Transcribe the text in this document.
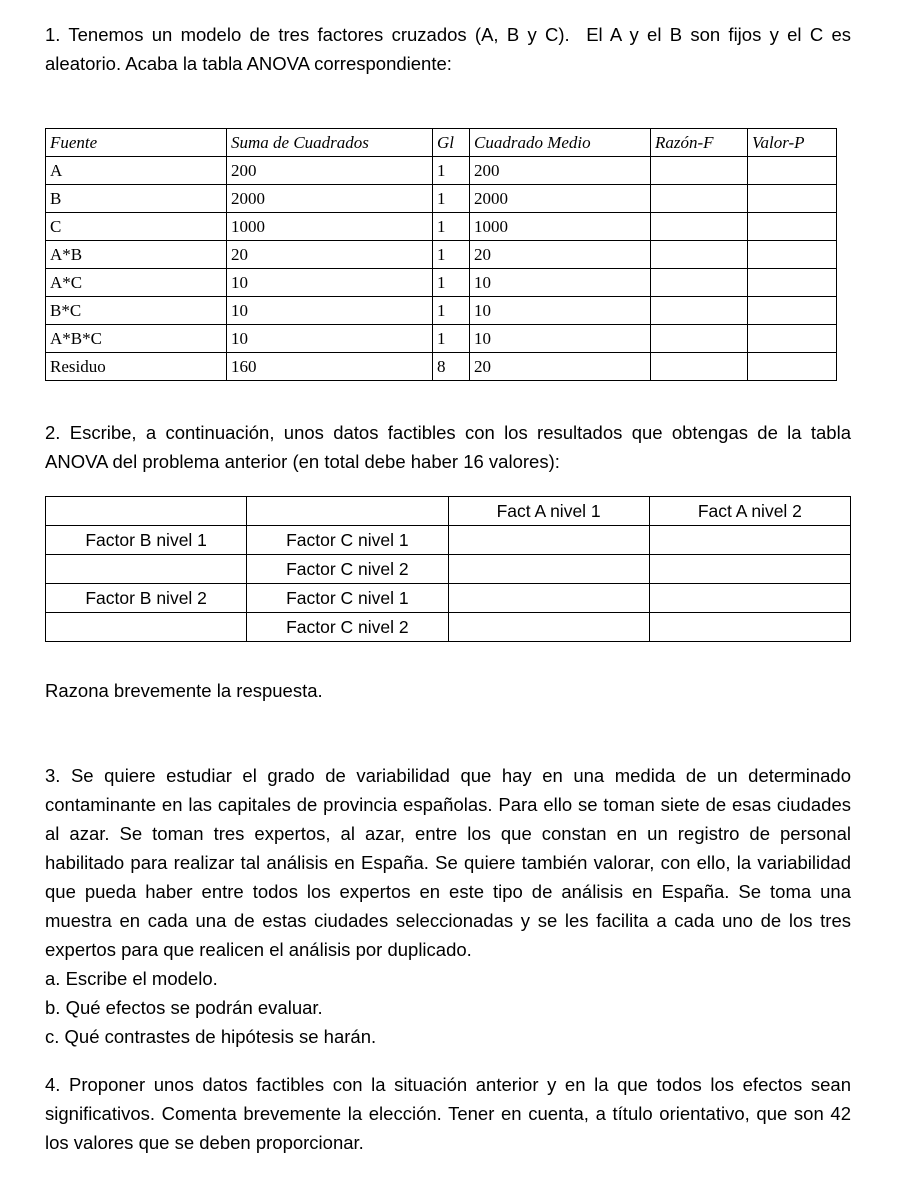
1. Tenemos un modelo de tres factores cruzados (A, B y C).  El A y el B son fijos y el C es aleatorio. Acaba la tabla ANOVA correspondiente:

Fuente	Suma de Cuadrados	Gl	Cuadrado Medio	Razón-F	Valor-P
A	200	1	200		
B	2000	1	2000		
C	1000	1	1000		
A*B	20	1	20		
A*C	10	1	10		
B*C	10	1	10		
A*B*C	10	1	10		
Residuo	160	8	20		

2. Escribe, a continuación, unos datos factibles con los resultados que obtengas de la tabla ANOVA del problema anterior (en total debe haber 16 valores):

		Fact A nivel 1	Fact A nivel 2
Factor B nivel 1	Factor C nivel 1		
	Factor C nivel 2		
Factor B nivel 2	Factor C nivel 1		
	Factor C nivel 2		

Razona brevemente la respuesta.

3. Se quiere estudiar el grado de variabilidad que hay en una medida de un determinado contaminante en las capitales de provincia españolas. Para ello se toman siete de esas ciudades al azar. Se toman tres expertos, al azar, entre los que constan en un registro de personal habilitado para realizar tal análisis en España. Se quiere también valorar, con ello, la variabilidad que pueda haber entre todos los expertos en este tipo de análisis en España. Se toma una muestra en cada una de estas ciudades seleccionadas y se les facilita a cada uno de los tres expertos para que realicen el análisis por duplicado.

a. Escribe el modelo.
b. Qué efectos se podrán evaluar.
c. Qué contrastes de hipótesis se harán.

4. Proponer unos datos factibles con la situación anterior y en la que todos los efectos sean significativos. Comenta brevemente la elección. Tener en cuenta, a título orientativo, que son 42 los valores que se deben proporcionar.
